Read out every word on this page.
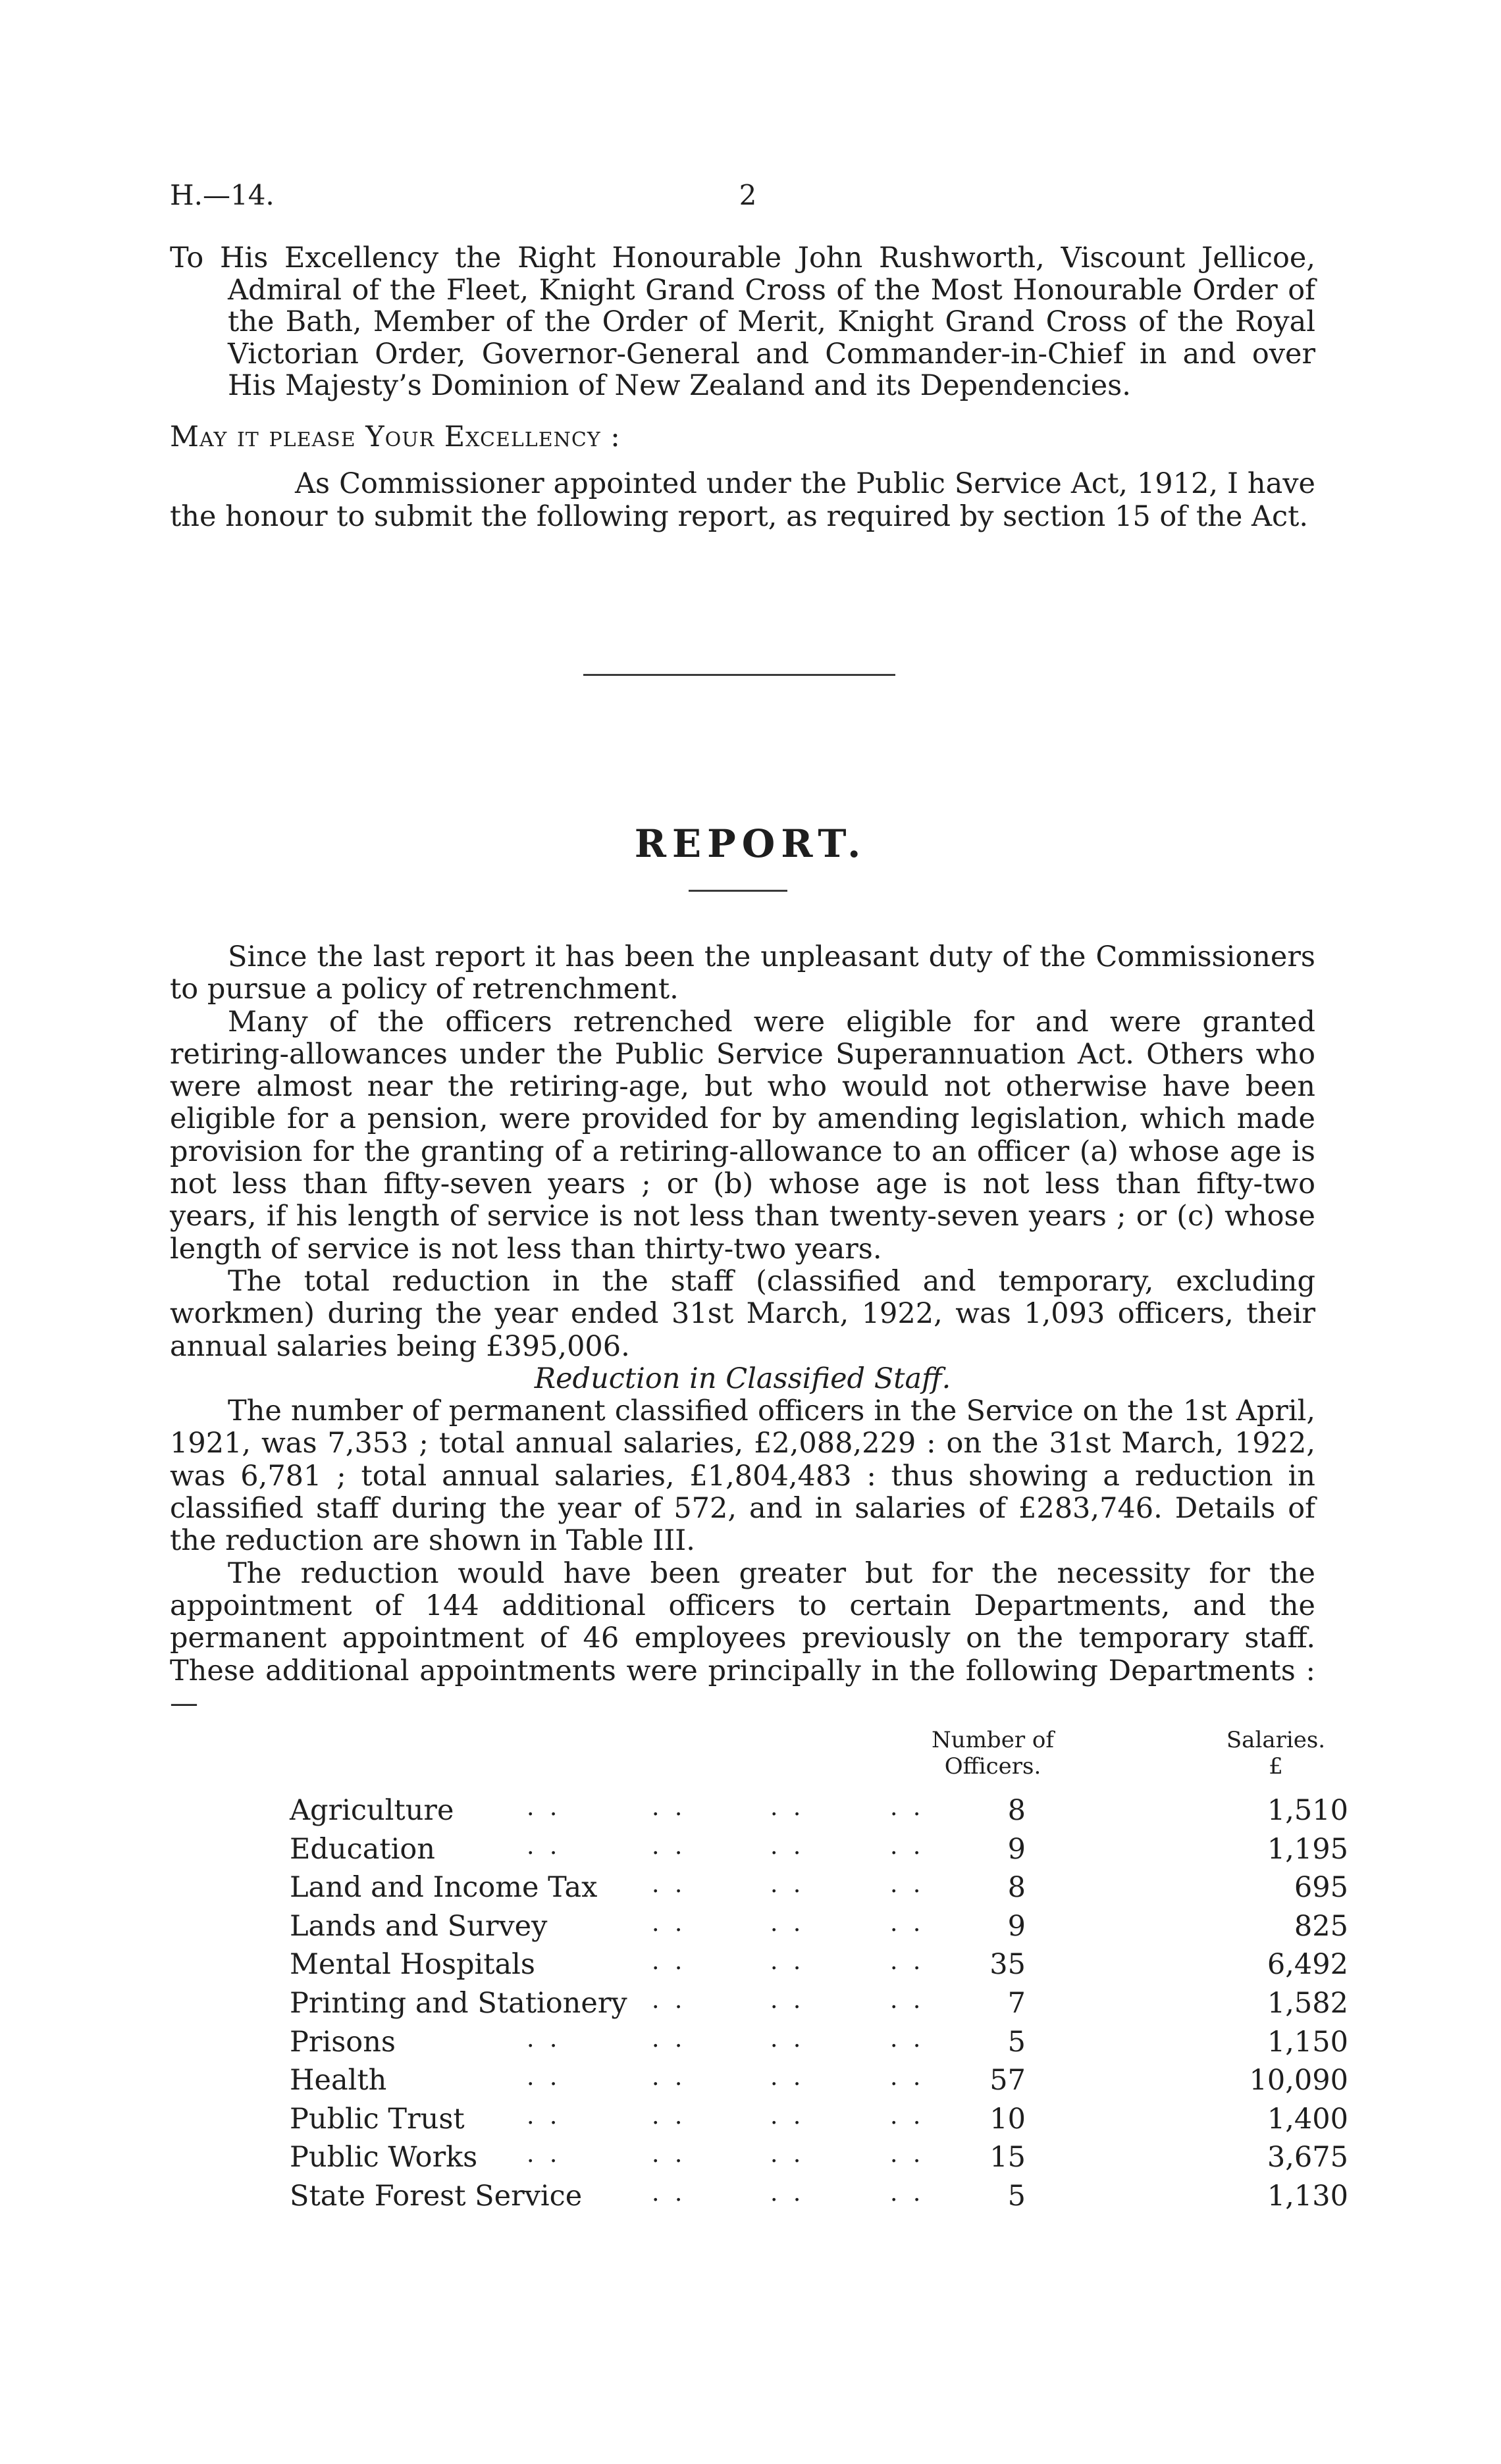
H.—14.	2
To His Excellency the Right Honourable John Rushworth, Viscount Jellicoe, Admiral of the Fleet, Knight Grand Cross of the Most Honourable Order of the Bath, Member of the Order of Merit, Knight Grand Cross of the Royal Victorian Order, Governor-General and Commander-in-Chief in and over His Majesty’s Dominion of New Zealand and its Dependencies.
May it please Your Excellency :
As Commissioner appointed under the Public Service Act, 1912, I have the honour to submit the following report, as required by section 15 of the Act.
REPORT.

Since the last report it has been the unpleasant duty of the Commissioners to pursue a policy of retrenchment.

Many of the officers retrenched were eligible for and were granted retiring-allowances under the Public Service Superannuation Act. Others who were almost near the retiring-age, but who would not otherwise have been eligible for a pension, were provided for by amending legislation, which made provision for the granting of a retiring-allowance to an officer (a) whose age is not less than fifty-seven years ; or (b) whose age is not less than fifty-two years, if his length of service is not less than twenty-seven years ; or (c) whose length of service is not less than thirty-two years.

The total reduction in the staff (classified and temporary, excluding workmen) during the year ended 31st March, 1922, was 1,093 officers, their annual salaries being £395,006.

Reduction in Classified Staff.

The number of permanent classified officers in the Service on the 1st April, 1921, was 7,353 ; total annual salaries, £2,088,229 : on the 31st March, 1922, was 6,781 ; total annual salaries, £1,804,483 : thus showing a reduction in classified staff during the year of 572, and in salaries of £283,746. Details of the reduction are shown in Table III.

The reduction would have been greater but for the necessity for the appointment of 144 additional officers to certain Departments, and the permanent appointment of 46 employees previously on the temporary staff. These additional appointments were principally in the following Departments :—

Number of Officers.
Salaries.
£
Agriculture	. .	. .	. .	. .	8	1,510
Education	. .	. .	. .	. .	9	1,195
Land and Income Tax . .	. .	. .	8	695
Lands and Survey	. .	. .	. .	9	825
Mental Hospitals	. .	. .	. .	35	6,492
Printing and Stationery . .	. .	. .	7	1,582
Prisons	. .	. .	. .	. .	5	1,150
Health	. .	. .	. .	. .	57	10,090
Public Trust	. .	. .	. .	. .	10	1,400
Public Works . .	. .	. .	. .	15	3,675
State Forest Service	. .	. .	. .	5	1,130
